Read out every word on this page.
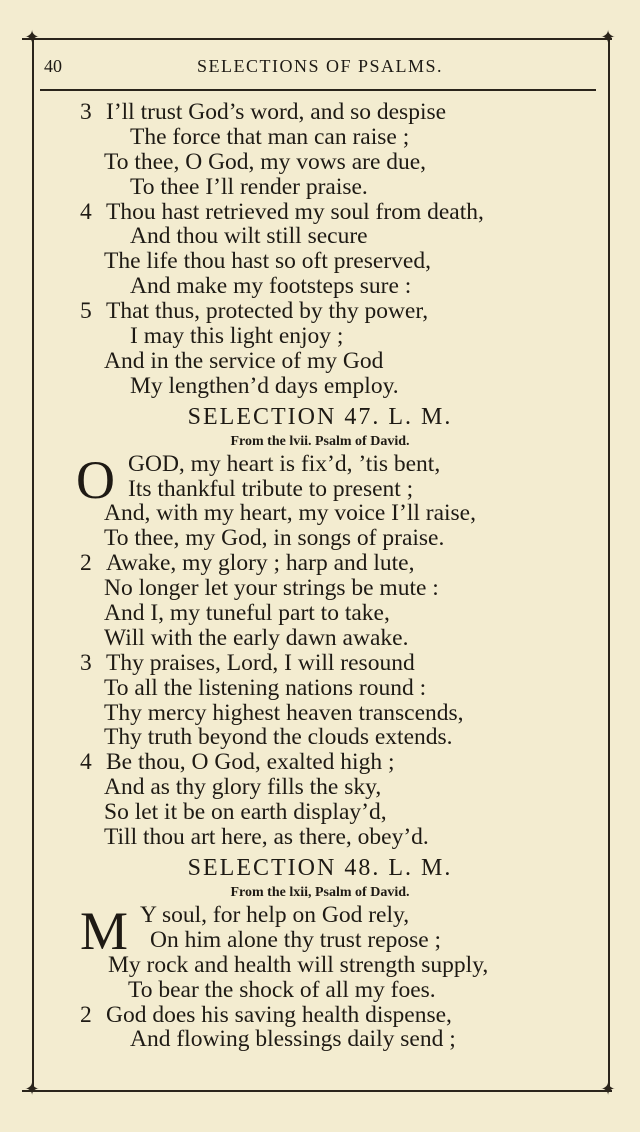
✦	✦
✦	✦
40	SELECTIONS OF PSALMS.
3 I’ll trust God’s word, and so despise
The force that man can raise ;
To thee, O God, my vows are due,
To thee I’ll render praise.
4 Thou hast retrieved my soul from death,
And thou wilt still secure
The life thou hast so oft preserved,
And make my footsteps sure :
5 That thus, protected by thy power,
I may this light enjoy ;
And in the service of my God
My lengthen’d days employ.
SELECTION 47. L. M.
From the lvii. Psalm of David.
O GOD, my heart is fix’d, ’tis bent,
Its thankful tribute to present ;
And, with my heart, my voice I’ll raise,
To thee, my God, in songs of praise.
2 Awake, my glory ; harp and lute,
No longer let your strings be mute :
And I, my tuneful part to take,
Will with the early dawn awake.
3 Thy praises, Lord, I will resound
To all the listening nations round :
Thy mercy highest heaven transcends,
Thy truth beyond the clouds extends.
4 Be thou, O God, exalted high ;
And as thy glory fills the sky,
So let it be on earth display’d,
Till thou art here, as there, obey’d.
SELECTION 48. L. M.
From the lxii, Psalm of David.
M Y soul, for help on God rely,
On him alone thy trust repose ;
My rock and health will strength supply,
To bear the shock of all my foes.
2 God does his saving health dispense,
And flowing blessings daily send ;
